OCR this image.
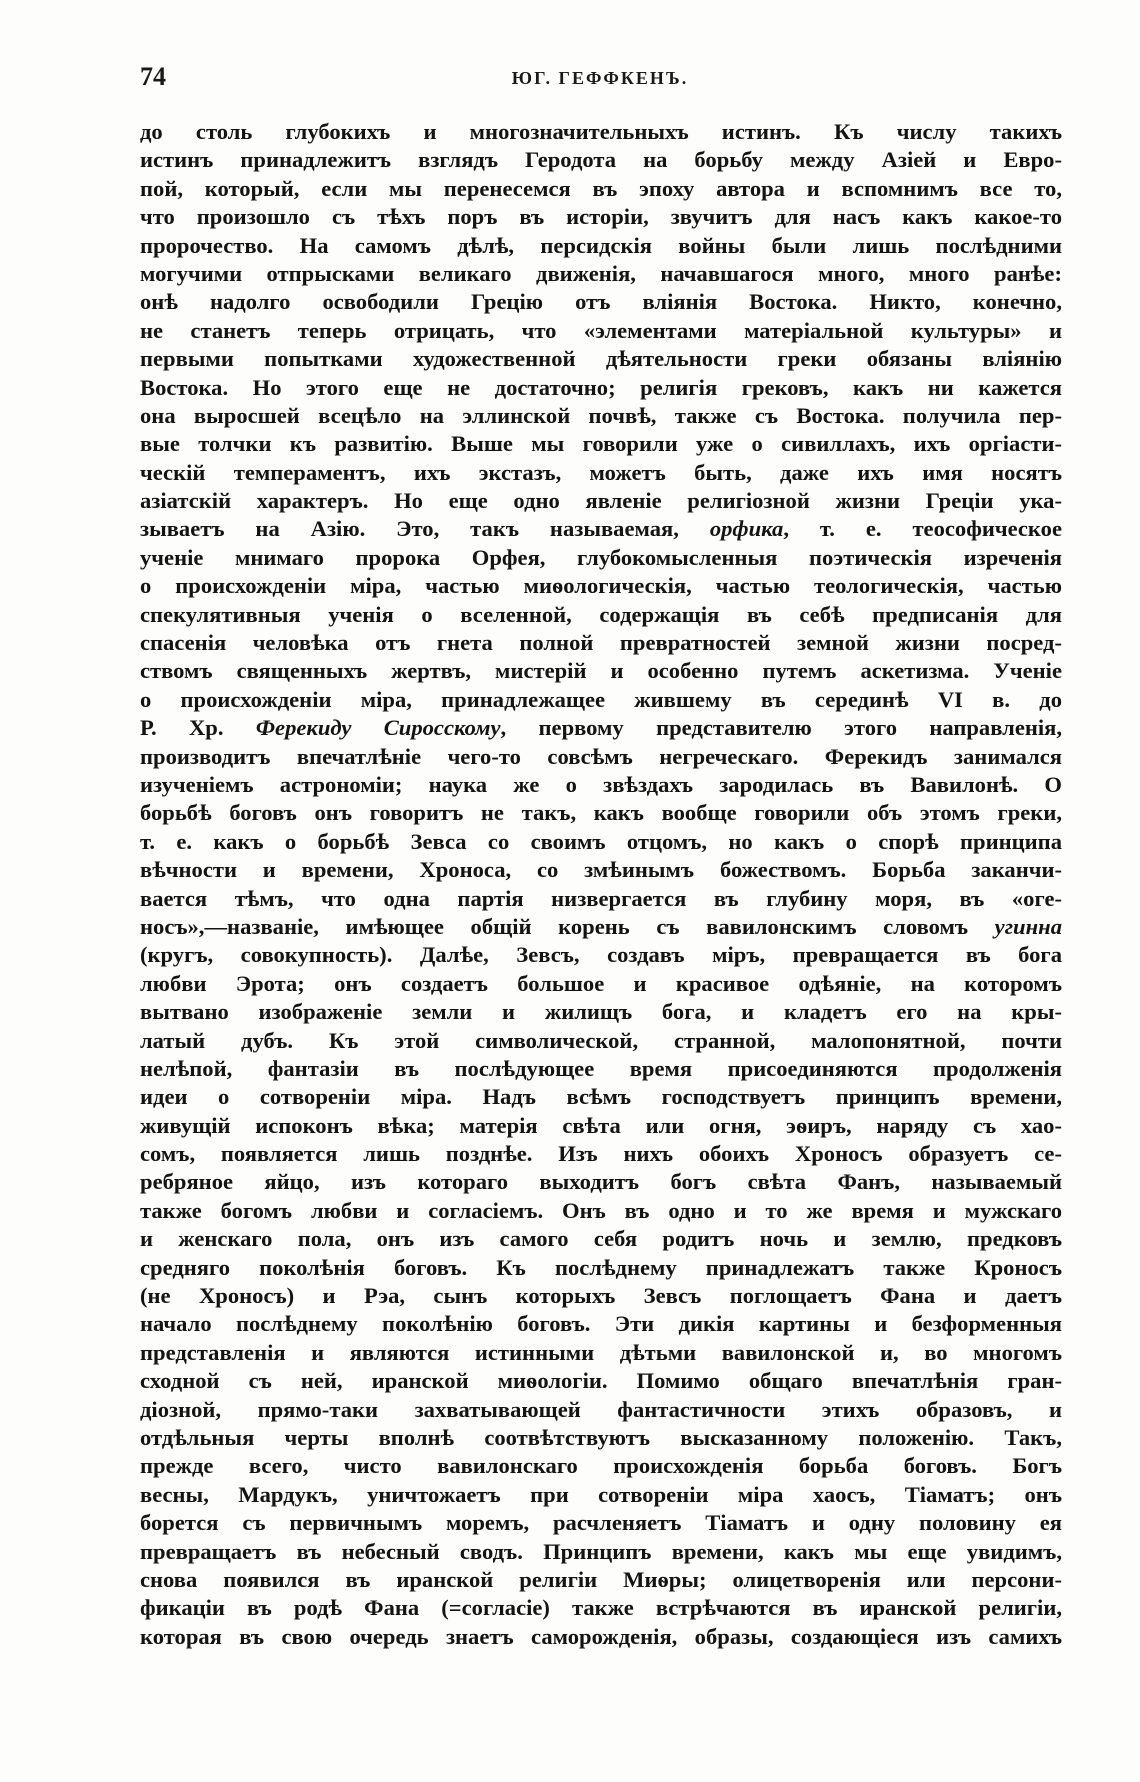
74	ЮГ. ГЕФФКЕНЪ.
до столь глубокихъ и многозначительныхъ истинъ. Къ числу такихъ
истинъ принадлежитъ взглядъ Геродота на борьбу между Азіей и Евро-
пой, который, если мы перенесемся въ эпоху автора и вспомнимъ все то,
что произошло съ тѣхъ поръ въ исторіи, звучитъ для насъ какъ какое-то
пророчество. На самомъ дѣлѣ, персидскія войны были лишь послѣдними
могучими отпрысками великаго движенія, начавшагося много, много ранѣе:
онѣ надолго освободили Грецію отъ вліянія Востока. Никто, конечно,
не станетъ теперь отрицать, что «элементами матеріальной культуры» и
первыми попытками художественной дѣятельности греки обязаны вліянію
Востока. Но этого еще не достаточно; религія грековъ, какъ ни кажется
она выросшей всецѣло на эллинской почвѣ, также съ Востока. получила пер-
вые толчки къ развитію. Выше мы говорили уже о сивиллахъ, ихъ оргіасти-
ческій темпераментъ, ихъ экстазъ, можетъ быть, даже ихъ имя носятъ
азіатскій характеръ. Но еще одно явленіе религіозной жизни Греціи ука-
зываетъ на Азію. Это, такъ называемая, орфика, т. е. теософическое
ученіе мнимаго пророка Орфея, глубокомысленныя поэтическія изреченія
о происхожденіи міра, частью миѳологическія, частью теологическія, частью
спекулятивныя ученія о вселенной, содержащія въ себѣ предписанія для
спасенія человѣка отъ гнета полной превратностей земной жизни посред-
ствомъ священныхъ жертвъ, мистерій и особенно путемъ аскетизма. Ученіе
о происхожденіи міра, принадлежащее жившему въ серединѣ VI в. до
Р. Хр. Ферекиду Сиросскому, первому представителю этого направленія,
производитъ впечатлѣніе чего-то совсѣмъ негреческаго. Ферекидъ занимался
изученіемъ астрономіи; наука же о звѣздахъ зародилась въ Вавилонѣ. О
борьбѣ боговъ онъ говоритъ не такъ, какъ вообще говорили объ этомъ греки,
т. е. какъ о борьбѣ Зевса со своимъ отцомъ, но какъ о спорѣ принципа
вѣчности и времени, Хроноса, со змѣинымъ божествомъ. Борьба заканчи-
вается тѣмъ, что одна партія низвергается въ глубину моря, въ «оге-
носъ»,—названіе, имѣющее общій корень съ вавилонскимъ словомъ угинна
(кругъ, совокупность). Далѣе, Зевсъ, создавъ міръ, превращается въ бога
любви Эрота; онъ создаетъ большое и красивое одѣяніе, на которомъ
вытвано изображеніе земли и жилищъ бога, и кладетъ его на кры-
латый дубъ. Къ этой символической, странной, малопонятной, почти
нелѣпой, фантазіи въ послѣдующее время присоединяются продолженія
идеи о сотвореніи міра. Надъ всѣмъ господствуетъ принципъ времени,
живущій испоконъ вѣка; матерія свѣта или огня, эѳиръ, наряду съ хао-
сомъ, появляется лишь позднѣе. Изъ нихъ обоихъ Хроносъ образуетъ се-
ребряное яйцо, изъ котораго выходитъ богъ свѣта Фанъ, называемый
также богомъ любви и согласіемъ. Онъ въ одно и то же время и мужскаго
и женскаго пола, онъ изъ самого себя родитъ ночь и землю, предковъ
средняго поколѣнія боговъ. Къ послѣднему принадлежатъ также Кроносъ
(не Хроносъ) и Рэа, сынъ которыхъ Зевсъ поглощаетъ Фана и даетъ
начало послѣднему поколѣнію боговъ. Эти дикія картины и безформенныя
представленія и являются истинными дѣтьми вавилонской и, во многомъ
сходной съ ней, иранской миѳологіи. Помимо общаго впечатлѣнія гран-
діозной, прямо-таки захватывающей фантастичности этихъ образовъ, и
отдѣльныя черты вполнѣ соотвѣтствуютъ высказанному положенію. Такъ,
прежде всего, чисто вавилонскаго происхожденія борьба боговъ. Богъ
весны, Мардукъ, уничтожаетъ при сотвореніи міра хаосъ, Тіаматъ; онъ
борется съ первичнымъ моремъ, расчленяетъ Тіаматъ и одну половину ея
превращаетъ въ небесный сводъ. Принципъ времени, какъ мы еще увидимъ,
снова появился въ иранской религіи Миѳры; олицетворенія или персони-
фикаціи въ родѣ Фана (=согласіе) также встрѣчаются въ иранской религіи,
которая въ свою очередь знаетъ саморожденія, образы, создающіеся изъ самихъ
